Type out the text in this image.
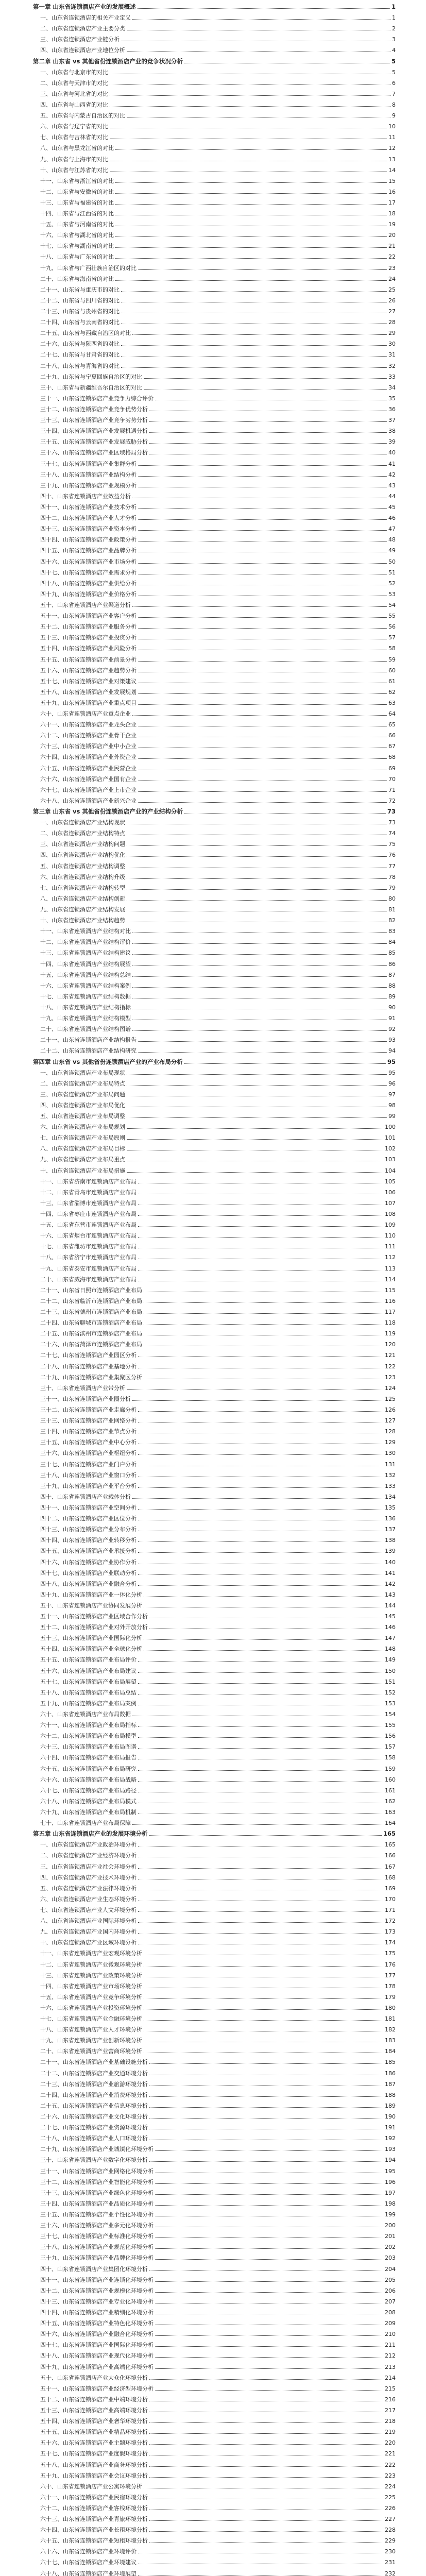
第一章 山东省连锁酒店产业的发展概述	1
一、山东省连锁酒店的相关产业定义	1
二、山东省连锁酒店产业主要分类	2
三、山东省连锁酒店产业链分析	3
四、山东省连锁酒店产业地位分析	4
第二章 山东省 vs 其他省份连锁酒店产业的竞争状况分析	5
一、山东省与北京市的对比	5
二、山东省与天津市的对比	6
三、山东省与河北省的对比	7
四、山东省与山西省的对比	8
五、山东省与内蒙古自治区的对比	9
六、山东省与辽宁省的对比	10
七、山东省与吉林省的对比	11
八、山东省与黑龙江省的对比	12
九、山东省与上海市的对比	13
十、山东省与江苏省的对比	14
十一、山东省与浙江省的对比	15
十二、山东省与安徽省的对比	16
十三、山东省与福建省的对比	17
十四、山东省与江西省的对比	18
十五、山东省与河南省的对比	19
十六、山东省与湖北省的对比	20
十七、山东省与湖南省的对比	21
十八、山东省与广东省的对比	22
十九、山东省与广西壮族自治区的对比	23
二十、山东省与海南省的对比	24
二十一、山东省与重庆市的对比	25
二十二、山东省与四川省的对比	26
二十三、山东省与贵州省的对比	27
二十四、山东省与云南省的对比	28
二十五、山东省与西藏自治区的对比	29
二十六、山东省与陕西省的对比	30
二十七、山东省与甘肃省的对比	31
二十八、山东省与青海省的对比	32
二十九、山东省与宁夏回族自治区的对比	33
三十、山东省与新疆维吾尔自治区的对比	34
三十一、山东省连锁酒店产业竞争力综合评价	35
三十二、山东省连锁酒店产业竞争优势分析	36
三十三、山东省连锁酒店产业竞争劣势分析	37
三十四、山东省连锁酒店产业发展机遇分析	38
三十五、山东省连锁酒店产业发展威胁分析	39
三十六、山东省连锁酒店产业区域格局分析	40
三十七、山东省连锁酒店产业集群分析	41
三十八、山东省连锁酒店产业结构分析	42
三十九、山东省连锁酒店产业规模分析	43
四十、山东省连锁酒店产业效益分析	44
四十一、山东省连锁酒店产业技术分析	45
四十二、山东省连锁酒店产业人才分析	46
四十三、山东省连锁酒店产业资本分析	47
四十四、山东省连锁酒店产业政策分析	48
四十五、山东省连锁酒店产业品牌分析	49
四十六、山东省连锁酒店产业市场分析	50
四十七、山东省连锁酒店产业需求分析	51
四十八、山东省连锁酒店产业供给分析	52
四十九、山东省连锁酒店产业价格分析	53
五十、山东省连锁酒店产业渠道分析	54
五十一、山东省连锁酒店产业客户分析	55
五十二、山东省连锁酒店产业服务分析	56
五十三、山东省连锁酒店产业投资分析	57
五十四、山东省连锁酒店产业风险分析	58
五十五、山东省连锁酒店产业前景分析	59
五十六、山东省连锁酒店产业趋势分析	60
五十七、山东省连锁酒店产业对策建议	61
五十八、山东省连锁酒店产业发展规划	62
五十九、山东省连锁酒店产业重点项目	63
六十、山东省连锁酒店产业重点企业	64
六十一、山东省连锁酒店产业龙头企业	65
六十二、山东省连锁酒店产业骨干企业	66
六十三、山东省连锁酒店产业中小企业	67
六十四、山东省连锁酒店产业外资企业	68
六十五、山东省连锁酒店产业民营企业	69
六十六、山东省连锁酒店产业国有企业	70
六十七、山东省连锁酒店产业上市企业	71
六十八、山东省连锁酒店产业新兴企业	72
第三章 山东省 vs 其他省份连锁酒店产业的产业结构分析	73
一、山东省连锁酒店产业结构现状	73
二、山东省连锁酒店产业结构特点	74
三、山东省连锁酒店产业结构问题	75
四、山东省连锁酒店产业结构优化	76
五、山东省连锁酒店产业结构调整	77
六、山东省连锁酒店产业结构升级	78
七、山东省连锁酒店产业结构转型	79
八、山东省连锁酒店产业结构创新	80
九、山东省连锁酒店产业结构发展	81
十、山东省连锁酒店产业结构趋势	82
十一、山东省连锁酒店产业结构对比	83
十二、山东省连锁酒店产业结构评价	84
十三、山东省连锁酒店产业结构建议	85
十四、山东省连锁酒店产业结构展望	86
十五、山东省连锁酒店产业结构总结	87
十六、山东省连锁酒店产业结构案例	88
十七、山东省连锁酒店产业结构数据	89
十八、山东省连锁酒店产业结构指标	90
十九、山东省连锁酒店产业结构模型	91
二十、山东省连锁酒店产业结构图谱	92
二十一、山东省连锁酒店产业结构报告	93
二十二、山东省连锁酒店产业结构研究	94
第四章 山东省 vs 其他省份连锁酒店产业的产业布局分析	95
一、山东省连锁酒店产业布局现状	95
二、山东省连锁酒店产业布局特点	96
三、山东省连锁酒店产业布局问题	97
四、山东省连锁酒店产业布局优化	98
五、山东省连锁酒店产业布局调整	99
六、山东省连锁酒店产业布局规划	100
七、山东省连锁酒店产业布局原则	101
八、山东省连锁酒店产业布局目标	102
九、山东省连锁酒店产业布局重点	103
十、山东省连锁酒店产业布局措施	104
十一、山东省济南市连锁酒店产业布局	105
十二、山东省青岛市连锁酒店产业布局	106
十三、山东省淄博市连锁酒店产业布局	107
十四、山东省枣庄市连锁酒店产业布局	108
十五、山东省东营市连锁酒店产业布局	109
十六、山东省烟台市连锁酒店产业布局	110
十七、山东省潍坊市连锁酒店产业布局	111
十八、山东省济宁市连锁酒店产业布局	112
十九、山东省泰安市连锁酒店产业布局	113
二十、山东省威海市连锁酒店产业布局	114
二十一、山东省日照市连锁酒店产业布局	115
二十二、山东省临沂市连锁酒店产业布局	116
二十三、山东省德州市连锁酒店产业布局	117
二十四、山东省聊城市连锁酒店产业布局	118
二十五、山东省滨州市连锁酒店产业布局	119
二十六、山东省菏泽市连锁酒店产业布局	120
二十七、山东省连锁酒店产业园区分析	121
二十八、山东省连锁酒店产业基地分析	122
二十九、山东省连锁酒店产业集聚区分析	123
三十、山东省连锁酒店产业带分析	124
三十一、山东省连锁酒店产业圈分析	125
三十二、山东省连锁酒店产业走廊分析	126
三十三、山东省连锁酒店产业网络分析	127
三十四、山东省连锁酒店产业节点分析	128
三十五、山东省连锁酒店产业中心分析	129
三十六、山东省连锁酒店产业枢纽分析	130
三十七、山东省连锁酒店产业门户分析	131
三十八、山东省连锁酒店产业窗口分析	132
三十九、山东省连锁酒店产业平台分析	133
四十、山东省连锁酒店产业载体分析	134
四十一、山东省连锁酒店产业空间分析	135
四十二、山东省连锁酒店产业区位分析	136
四十三、山东省连锁酒店产业分布分析	137
四十四、山东省连锁酒店产业转移分析	138
四十五、山东省连锁酒店产业承接分析	139
四十六、山东省连锁酒店产业协作分析	140
四十七、山东省连锁酒店产业联动分析	141
四十八、山东省连锁酒店产业融合分析	142
四十九、山东省连锁酒店产业一体化分析	143
五十、山东省连锁酒店产业协同发展分析	144
五十一、山东省连锁酒店产业区域合作分析	145
五十二、山东省连锁酒店产业对外开放分析	146
五十三、山东省连锁酒店产业国际化分析	147
五十四、山东省连锁酒店产业全球化分析	148
五十五、山东省连锁酒店产业布局评价	149
五十六、山东省连锁酒店产业布局建议	150
五十七、山东省连锁酒店产业布局展望	151
五十八、山东省连锁酒店产业布局总结	152
五十九、山东省连锁酒店产业布局案例	153
六十、山东省连锁酒店产业布局数据	154
六十一、山东省连锁酒店产业布局指标	155
六十二、山东省连锁酒店产业布局模型	156
六十三、山东省连锁酒店产业布局图谱	157
六十四、山东省连锁酒店产业布局报告	158
六十五、山东省连锁酒店产业布局研究	159
六十六、山东省连锁酒店产业布局战略	160
六十七、山东省连锁酒店产业布局路径	161
六十八、山东省连锁酒店产业布局模式	162
六十九、山东省连锁酒店产业布局机制	163
七十、山东省连锁酒店产业布局保障	164
第五章 山东省连锁酒店产业的发展环境分析	165
一、山东省连锁酒店产业政治环境分析	165
二、山东省连锁酒店产业经济环境分析	166
三、山东省连锁酒店产业社会环境分析	167
四、山东省连锁酒店产业技术环境分析	168
五、山东省连锁酒店产业法律环境分析	169
六、山东省连锁酒店产业生态环境分析	170
七、山东省连锁酒店产业人文环境分析	171
八、山东省连锁酒店产业国际环境分析	172
九、山东省连锁酒店产业国内环境分析	173
十、山东省连锁酒店产业区域环境分析	174
十一、山东省连锁酒店产业宏观环境分析	175
十二、山东省连锁酒店产业微观环境分析	176
十三、山东省连锁酒店产业政策环境分析	177
十四、山东省连锁酒店产业市场环境分析	178
十五、山东省连锁酒店产业竞争环境分析	179
十六、山东省连锁酒店产业投资环境分析	180
十七、山东省连锁酒店产业金融环境分析	181
十八、山东省连锁酒店产业人才环境分析	182
十九、山东省连锁酒店产业创新环境分析	183
二十、山东省连锁酒店产业营商环境分析	184
二十一、山东省连锁酒店产业基础设施分析	185
二十二、山东省连锁酒店产业交通环境分析	186
二十三、山东省连锁酒店产业旅游环境分析	187
二十四、山东省连锁酒店产业消费环境分析	188
二十五、山东省连锁酒店产业信息环境分析	189
二十六、山东省连锁酒店产业文化环境分析	190
二十七、山东省连锁酒店产业资源环境分析	191
二十八、山东省连锁酒店产业人口环境分析	192
二十九、山东省连锁酒店产业城镇化环境分析	193
三十、山东省连锁酒店产业数字化环境分析	194
三十一、山东省连锁酒店产业网络化环境分析	195
三十二、山东省连锁酒店产业智能化环境分析	196
三十三、山东省连锁酒店产业绿色化环境分析	197
三十四、山东省连锁酒店产业品质化环境分析	198
三十五、山东省连锁酒店产业个性化环境分析	199
三十六、山东省连锁酒店产业多元化环境分析	200
三十七、山东省连锁酒店产业标准化环境分析	201
三十八、山东省连锁酒店产业规范化环境分析	202
三十九、山东省连锁酒店产业品牌化环境分析	203
四十、山东省连锁酒店产业集团化环境分析	204
四十一、山东省连锁酒店产业连锁化环境分析	205
四十二、山东省连锁酒店产业规模化环境分析	206
四十三、山东省连锁酒店产业专业化环境分析	207
四十四、山东省连锁酒店产业精细化环境分析	208
四十五、山东省连锁酒店产业特色化环境分析	209
四十六、山东省连锁酒店产业融合化环境分析	210
四十七、山东省连锁酒店产业国际化环境分析	211
四十八、山东省连锁酒店产业现代化环境分析	212
四十九、山东省连锁酒店产业高端化环境分析	213
五十、山东省连锁酒店产业大众化环境分析	214
五十一、山东省连锁酒店产业经济型环境分析	215
五十二、山东省连锁酒店产业中端环境分析	216
五十三、山东省连锁酒店产业高端环境分析	217
五十四、山东省连锁酒店产业奢华环境分析	218
五十五、山东省连锁酒店产业精品环境分析	219
五十六、山东省连锁酒店产业主题环境分析	220
五十七、山东省连锁酒店产业度假环境分析	221
五十八、山东省连锁酒店产业商务环境分析	222
五十九、山东省连锁酒店产业会议环境分析	223
六十、山东省连锁酒店产业公寓环境分析	224
六十一、山东省连锁酒店产业民宿环境分析	225
六十二、山东省连锁酒店产业客栈环境分析	226
六十三、山东省连锁酒店产业青旅环境分析	227
六十四、山东省连锁酒店产业长租环境分析	228
六十五、山东省连锁酒店产业短租环境分析	229
六十六、山东省连锁酒店产业环境评价	230
六十七、山东省连锁酒店产业环境建议	231
六十八、山东省连锁酒店产业环境展望	232
